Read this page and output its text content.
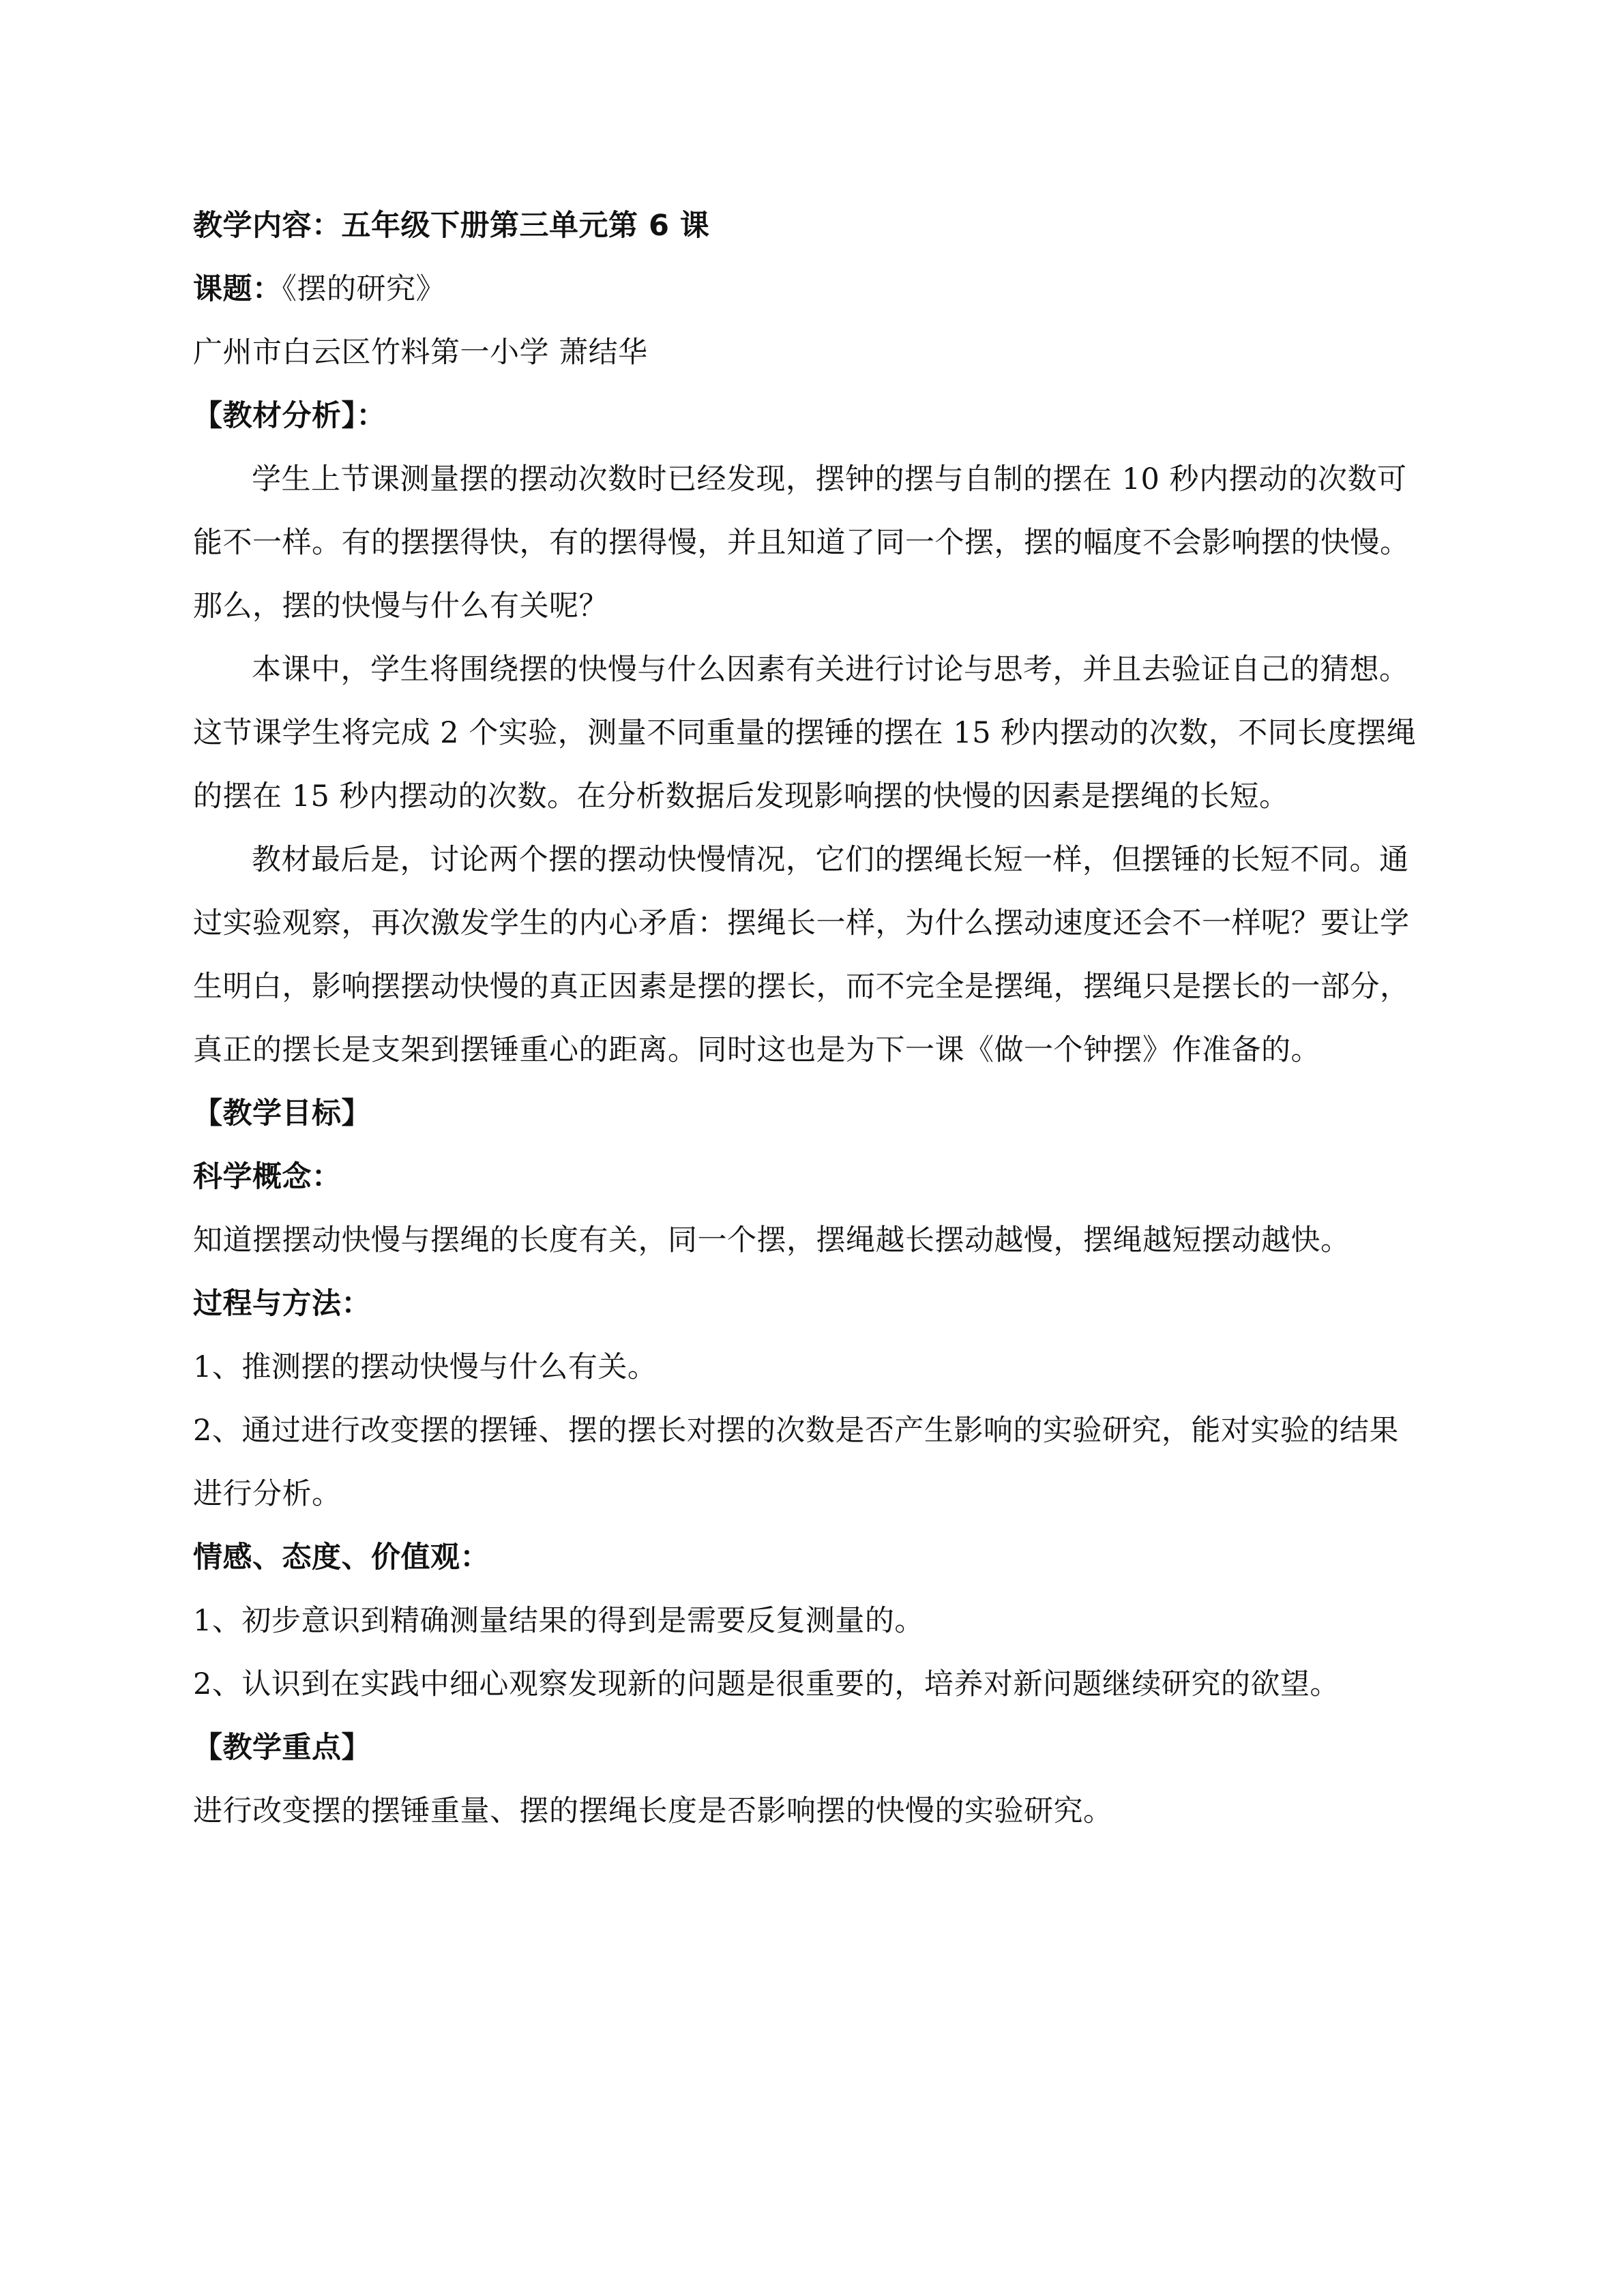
教学内容：五年级下册第三单元第 6 课

课题：《摆的研究》

广州市白云区竹料第一小学 萧结华

【教材分析】：

学生上节课测量摆的摆动次数时已经发现，摆钟的摆与自制的摆在 10 秒内摆动的次数可能不一样。有的摆摆得快，有的摆得慢，并且知道了同一个摆，摆的幅度不会影响摆的快慢。那么，摆的快慢与什么有关呢？

本课中，学生将围绕摆的快慢与什么因素有关进行讨论与思考，并且去验证自己的猜想。这节课学生将完成 2 个实验，测量不同重量的摆锤的摆在 15 秒内摆动的次数，不同长度摆绳的摆在 15 秒内摆动的次数。在分析数据后发现影响摆的快慢的因素是摆绳的长短。

教材最后是，讨论两个摆的摆动快慢情况，它们的摆绳长短一样，但摆锤的长短不同。通过实验观察，再次激发学生的内心矛盾：摆绳长一样，为什么摆动速度还会不一样呢？要让学生明白，影响摆摆动快慢的真正因素是摆的摆长，而不完全是摆绳，摆绳只是摆长的一部分，真正的摆长是支架到摆锤重心的距离。同时这也是为下一课《做一个钟摆》作准备的。

【教学目标】

科学概念：

知道摆摆动快慢与摆绳的长度有关，同一个摆，摆绳越长摆动越慢，摆绳越短摆动越快。

过程与方法：

1、推测摆的摆动快慢与什么有关。

2、通过进行改变摆的摆锤、摆的摆长对摆的次数是否产生影响的实验研究，能对实验的结果进行分析。

情感、态度、价值观：

1、初步意识到精确测量结果的得到是需要反复测量的。

2、认识到在实践中细心观察发现新的问题是很重要的，培养对新问题继续研究的欲望。

【教学重点】

进行改变摆的摆锤重量、摆的摆绳长度是否影响摆的快慢的实验研究。
